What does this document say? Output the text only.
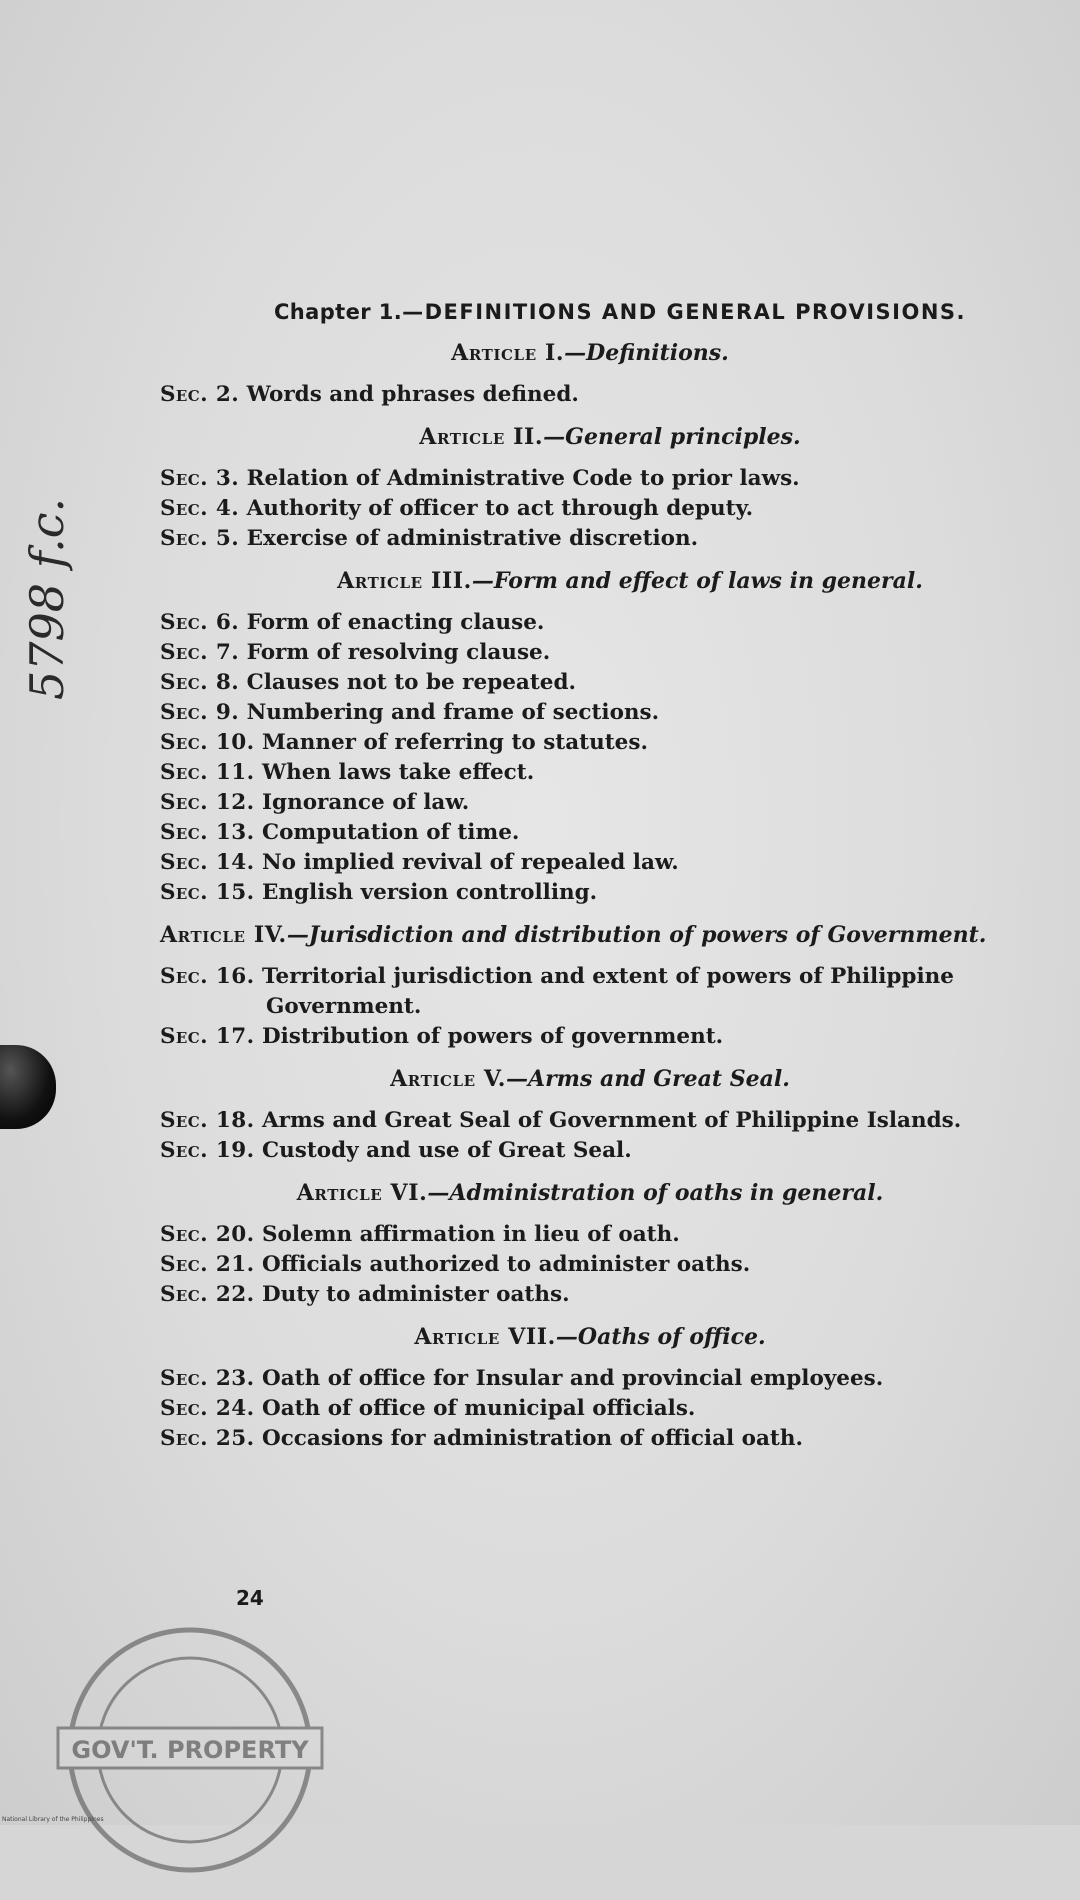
5798 f.c.
Chapter 1.—DEFINITIONS AND GENERAL PROVISIONS.
Article I.—Definitions.
Sec. 2. Words and phrases defined.
Article II.—General principles.
Sec. 3. Relation of Administrative Code to prior laws.
Sec. 4. Authority of officer to act through deputy.
Sec. 5. Exercise of administrative discretion.
Article III.—Form and effect of laws in general.
Sec. 6. Form of enacting clause.
Sec. 7. Form of resolving clause.
Sec. 8. Clauses not to be repeated.
Sec. 9. Numbering and frame of sections.
Sec. 10. Manner of referring to statutes.
Sec. 11. When laws take effect.
Sec. 12. Ignorance of law.
Sec. 13. Computation of time.
Sec. 14. No implied revival of repealed law.
Sec. 15. English version controlling.
Article IV.—Jurisdiction and distribution of powers of Government.
Sec. 16. Territorial jurisdiction and extent of powers of Philippine Government.
Sec. 17. Distribution of powers of government.
Article V.—Arms and Great Seal.
Sec. 18. Arms and Great Seal of Government of Philippine Islands.
Sec. 19. Custody and use of Great Seal.
Article VI.—Administration of oaths in general.
Sec. 20. Solemn affirmation in lieu of oath.
Sec. 21. Officials authorized to administer oaths.
Sec. 22. Duty to administer oaths.
Article VII.—Oaths of office.
Sec. 23. Oath of office for Insular and provincial employees.
Sec. 24. Oath of office of municipal officials.
Sec. 25. Occasions for administration of official oath.
24
GOV'T. PROPERTY
National Library of the Philippines
